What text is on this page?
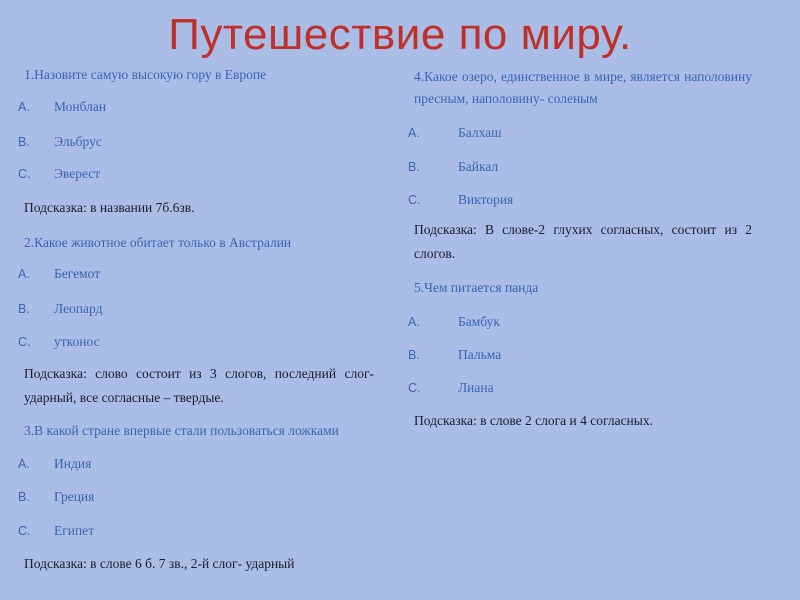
Путешествие по миру.
1.Назовите самую высокую гору в Европе
A.	Монблан
B.	Эльбрус
C.	Эверест
Подсказка: в названии 7б.6зв.
2.Какое животное обитает только в Австралии
A.	Бегемот
B.	Леопард
C.	утконос
Подсказка: слово состоит из 3 слогов, последний слог- ударный, все согласные – твердые.
3.В какой стране впервые стали пользоваться ложками
A.	Индия
B.	Греция
C.	Египет
Подсказка: в слове 6 б. 7 зв., 2-й слог- ударный
4.Какое озеро, единственное в мире, является наполовину пресным, наполовину- соленым
A.	Балхаш
B.	Байкал
C.	Виктория
Подсказка: В слове-2 глухих согласных, состоит из 2 слогов.
5.Чем питается панда
A.	Бамбук
B.	Пальма
C.	Лиана
Подсказка: в слове 2 слога и 4 согласных.
